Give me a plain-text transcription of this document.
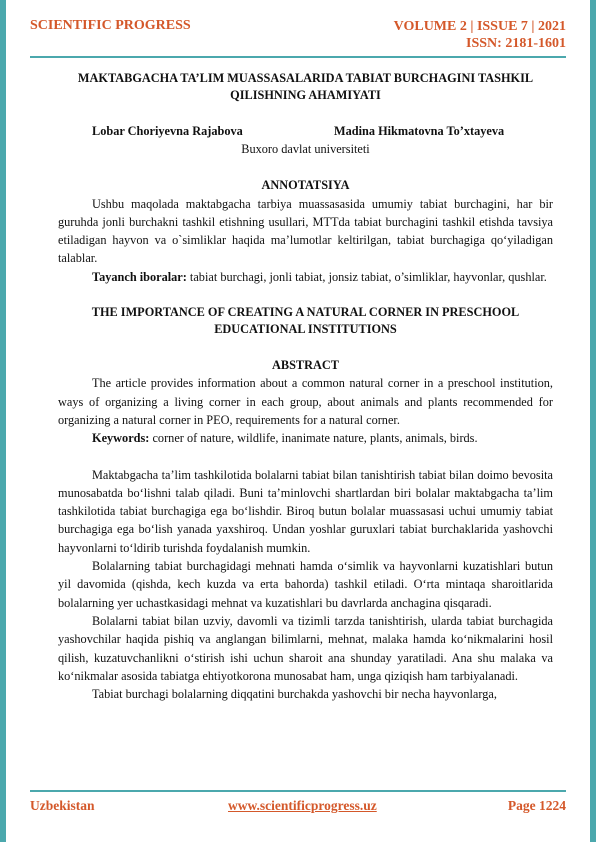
SCIENTIFIC PROGRESS	VOLUME 2 | ISSUE 7 | 2021
ISSN: 2181-1601

MAKTABGACHA TA’LIM MUASSASALARIDA TABIAT BURCHAGINI TASHKIL QILISHNING AHAMIYATI

Lobar Choriyevna Rajabova	Madina Hikmatovna To’xtayeva

Buxoro davlat universiteti

ANNOTATSIYA

Ushbu maqolada maktabgacha tarbiya muassasasida umumiy tabiat burchagini, har bir guruhda jonli burchakni tashkil etishning usullari, MTTda tabiat burchagini tashkil etishda tavsiya etiladigan hayvon va o`simliklar haqida ma’lumotlar keltirilgan, tabiat burchagiga qo‘yiladigan talablar.

Tayanch iboralar: tabiat burchagi, jonli tabiat, jonsiz tabiat, o’simliklar, hayvonlar, qushlar.

THE IMPORTANCE OF CREATING A NATURAL CORNER IN PRESCHOOL EDUCATIONAL INSTITUTIONS

ABSTRACT

The article provides information about a common natural corner in a preschool institution, ways of organizing a living corner in each group, about animals and plants recommended for organizing a natural corner in PEO, requirements for a natural corner.

Keywords: corner of nature, wildlife, inanimate nature, plants, animals, birds.

Maktabgacha ta’lim tashkilotida bolalarni tabiat bilan tanishtirish tabiat bilan doimo bevosita munosabatda bo‘lishni talab qiladi. Buni ta’minlovchi shartlardan biri bolalar maktabgacha ta’lim tashkilotida tabiat burchagiga ega bo‘lishdir. Biroq butun bolalar muassasasi uchui umumiy tabiat burchagiga ega bo‘lish yanada yaxshiroq. Undan yoshlar guruxlari tabiat burchaklarida yashovchi hayvonlarni to‘ldirib turishda foydalanish mumkin.

Bolalarning tabiat burchagidagi mehnati hamda o‘simlik va hayvonlarni kuzatishlari butun yil davomida (qishda, kech kuzda va erta bahorda) tashkil etiladi. O‘rta mintaqa sharoitlarida bolalarning yer uchastkasidagi mehnat va kuzatishlari bu davrlarda anchagina qisqaradi.

Bolalarni tabiat bilan uzviy, davomli va tizimli tarzda tanishtirish, ularda tabiat burchagida yashovchilar haqida pishiq va anglangan bilimlarni, mehnat, malaka hamda ko‘nikmalarini hosil qilish, kuzatuvchanlikni o‘stirish ishi uchun sharoit ana shunday yaratiladi. Ana shu malaka va ko‘nikmalar asosida tabiatga ehtiyotkorona munosabat ham, unga qiziqish ham tarbiyalanadi.

Tabiat burchagi bolalarning diqqatini burchakda yashovchi bir necha hayvonlarga,

Uzbekistan	www.scientificprogress.uz	Page 1224
